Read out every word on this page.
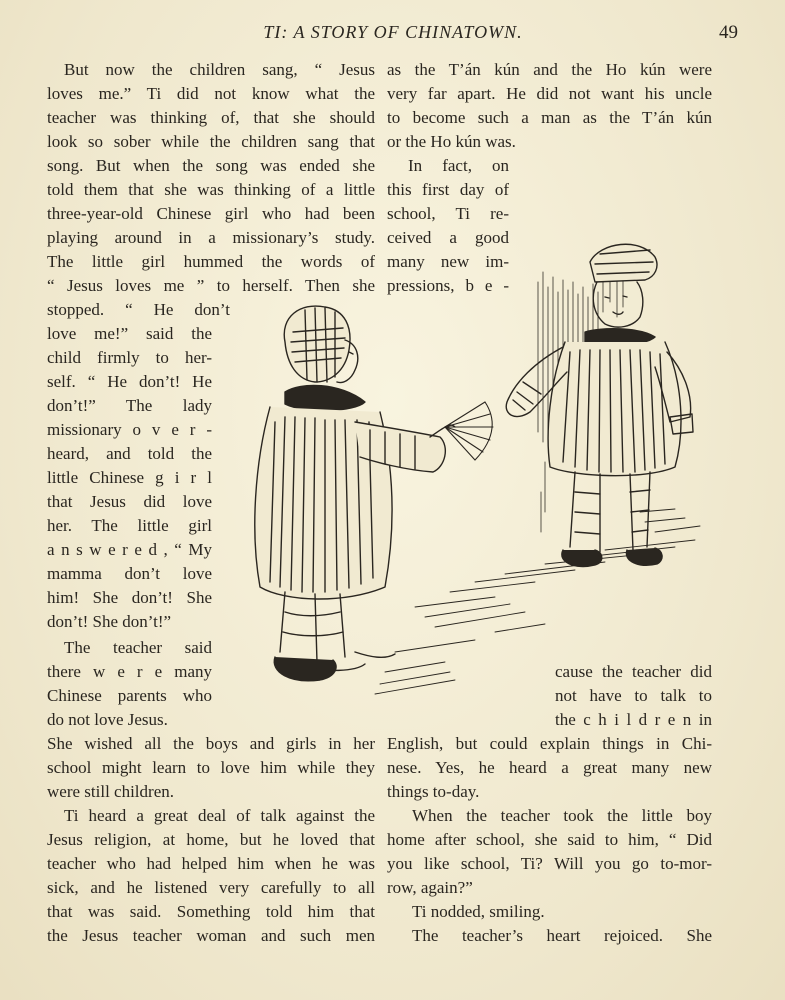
TI: A STORY OF CHINATOWN.	49
But now the children sang, “ Jesus
loves me.” Ti did not know what the
teacher was thinking of, that she should
look so sober while the children sang that
song. But when the song was ended she
told them that she was thinking of a little
three-year-old Chinese girl who had been
playing around in a missionary’s study.
The little girl hummed the words of
“ Jesus loves me ” to herself. Then she
stopped. “ He don’t
love me!” said the
child firmly to her-
self. “ He don’t! He
don’t!” The lady
missionary o v e r -
heard, and told the
little Chinese g i r l
that Jesus did love
her. The little girl
a n s w e r e d , “ My
mamma don’t love
him! She don’t! She
don’t! She don’t!”
The teacher said
there w e r e many
Chinese parents who
do not love Jesus.
She wished all the boys and girls in her
school might learn to love him while they
were still children.
Ti heard a great deal of talk against the
Jesus religion, at home, but he loved that
teacher who had helped him when he was
sick, and he listened very carefully to all
that was said. Something told him that
the Jesus teacher woman and such men
as the T’án kún and the Ho kún were
very far apart. He did not want his uncle
to become such a man as the T’án kún
or the Ho kún was.
In fact, on
this first day of
school, Ti re-
ceived a good
many new im-
pressions, b e -
cause the teacher did
not have to talk to
the c h i l d r e n in
English, but could explain things in Chi-
nese. Yes, he heard a great many new
things to-day.
When the teacher took the little boy
home after school, she said to him, “ Did
you like school, Ti? Will you go to-mor-
row, again?”
Ti nodded, smiling.
The teacher’s heart rejoiced. She
